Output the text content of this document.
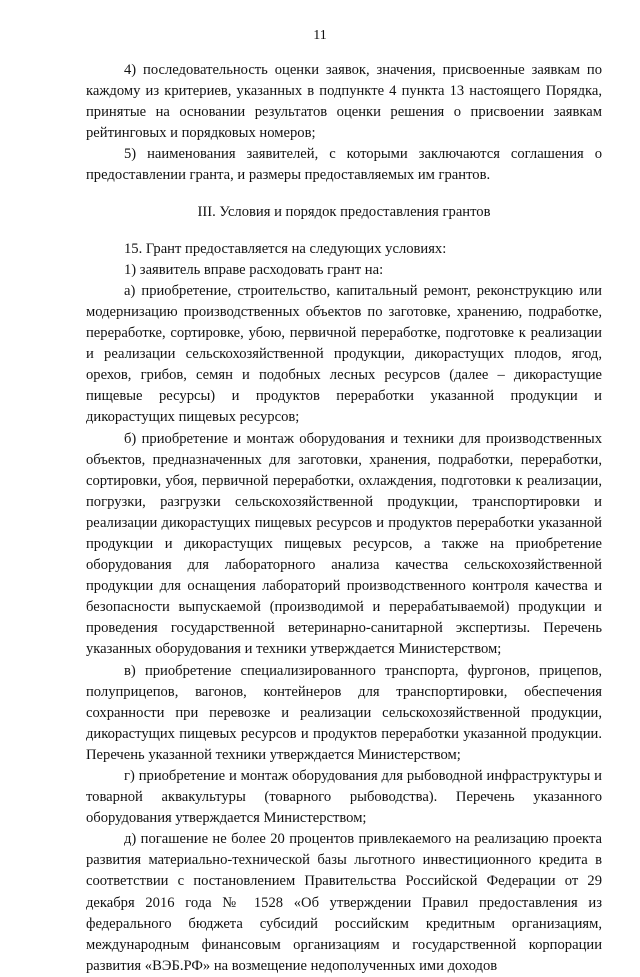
11

4) последовательность оценки заявок, значения, присвоенные заявкам по каждому из критериев, указанных в подпункте 4 пункта 13 настоящего Порядка, принятые на основании результатов оценки решения о присвоении заявкам рейтинговых и порядковых номеров;

5) наименования заявителей, с которыми заключаются соглашения о предоставлении гранта, и размеры предоставляемых им грантов.

III. Условия и порядок предоставления грантов

15. Грант предоставляется на следующих условиях:

1) заявитель вправе расходовать грант на:

а) приобретение, строительство, капитальный ремонт, реконструкцию или модернизацию производственных объектов по заготовке, хранению, подработке, переработке, сортировке, убою, первичной переработке, подготовке к реализации и реализации сельскохозяйственной продукции, дикорастущих плодов, ягод, орехов, грибов, семян и подобных лесных ресурсов (далее – дикорастущие пищевые ресурсы) и продуктов переработки указанной продукции и дикорастущих пищевых ресурсов;

б) приобретение и монтаж оборудования и техники для производственных объектов, предназначенных для заготовки, хранения, подработки, переработки, сортировки, убоя, первичной переработки, охлаждения, подготовки к реализации, погрузки, разгрузки сельскохозяйственной продукции, транспортировки и реализации дикорастущих пищевых ресурсов и продуктов переработки указанной продукции и дикорастущих пищевых ресурсов, а также на приобретение оборудования для лабораторного анализа качества сельскохозяйственной продукции для оснащения лабораторий производственного контроля качества и безопасности выпускаемой (производимой и перерабатываемой) продукции и проведения государственной ветеринарно-санитарной экспертизы. Перечень указанных оборудования и техники утверждается Министерством;

в) приобретение специализированного транспорта, фургонов, прицепов, полуприцепов, вагонов, контейнеров для транспортировки, обеспечения сохранности при перевозке и реализации сельскохозяйственной продукции, дикорастущих пищевых ресурсов и продуктов переработки указанной продукции. Перечень указанной техники утверждается Министерством;

г) приобретение и монтаж оборудования для рыбоводной инфраструктуры и товарной аквакультуры (товарного рыбоводства). Перечень указанного оборудования утверждается Министерством;

д) погашение не более 20 процентов привлекаемого на реализацию проекта развития материально-технической базы льготного инвестиционного кредита в соответствии с постановлением Правительства Российской Федерации от 29 декабря 2016 года № 1528 «Об утверждении Правил предоставления из федерального бюджета субсидий российским кредитным организациям, международным финансовым организациям и государственной корпорации развития «ВЭБ.РФ» на возмещение недополученных ими доходов
